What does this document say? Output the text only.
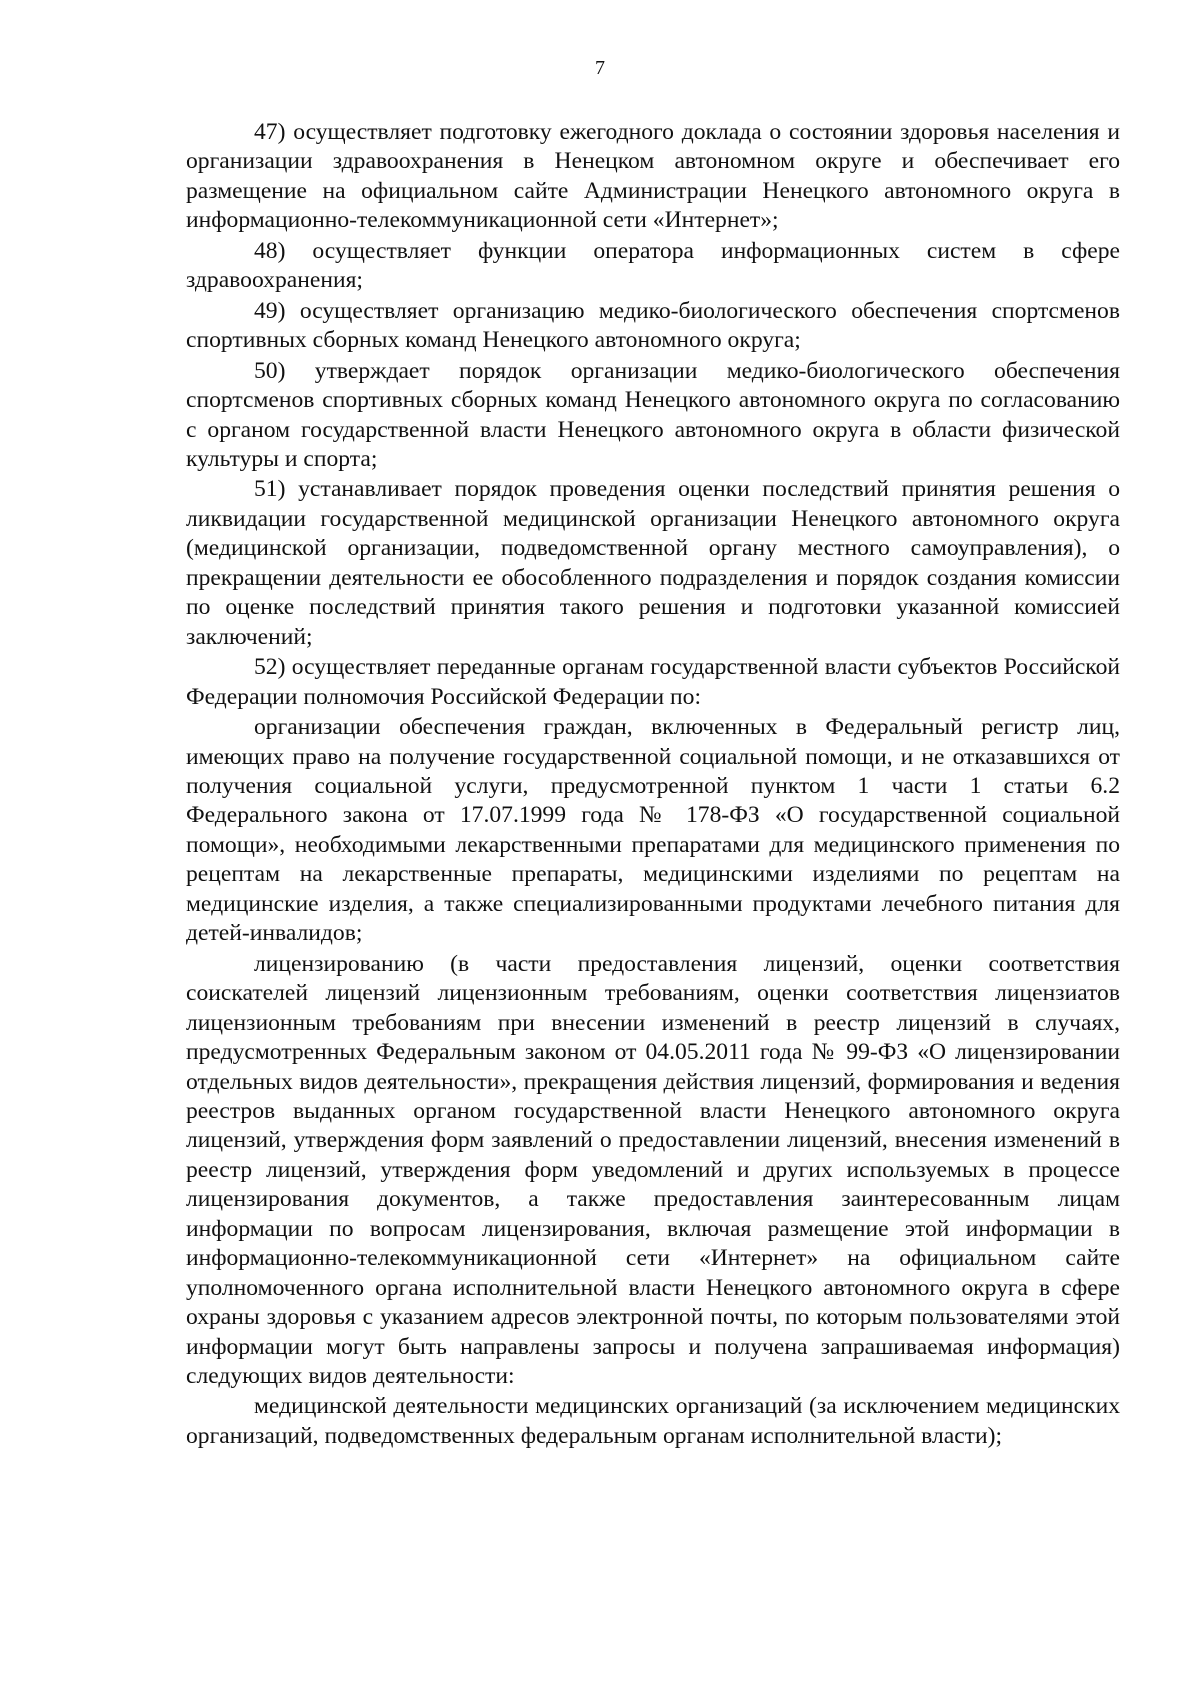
7

47) осуществляет подготовку ежегодного доклада о состоянии здоровья населения и организации здравоохранения в Ненецком автономном округе и обеспечивает его размещение на официальном сайте Администрации Ненецкого автономного округа в информационно-телекоммуникационной сети «Интернет»;

48) осуществляет функции оператора информационных систем в сфере здравоохранения;

49) осуществляет организацию медико-биологического обеспечения спортсменов спортивных сборных команд Ненецкого автономного округа;

50) утверждает порядок организации медико-биологического обеспечения спортсменов спортивных сборных команд Ненецкого автономного округа по согласованию с органом государственной власти Ненецкого автономного округа в области физической культуры и спорта;

51) устанавливает порядок проведения оценки последствий принятия решения о ликвидации государственной медицинской организации Ненецкого автономного округа (медицинской организации, подведомственной органу местного самоуправления), о прекращении деятельности ее обособленного подразделения и порядок создания комиссии по оценке последствий принятия такого решения и подготовки указанной комиссией заключений;

52) осуществляет переданные органам государственной власти субъектов Российской Федерации полномочия Российской Федерации по:

организации обеспечения граждан, включенных в Федеральный регистр лиц, имеющих право на получение государственной социальной помощи, и не отказавшихся от получения социальной услуги, предусмотренной пунктом 1 части 1 статьи 6.2 Федерального закона от 17.07.1999 года № 178-ФЗ «О государственной социальной помощи», необходимыми лекарственными препаратами для медицинского применения по рецептам на лекарственные препараты, медицинскими изделиями по рецептам на медицинские изделия, а также специализированными продуктами лечебного питания для детей-инвалидов;

лицензированию (в части предоставления лицензий, оценки соответствия соискателей лицензий лицензионным требованиям, оценки соответствия лицензиатов лицензионным требованиям при внесении изменений в реестр лицензий в случаях, предусмотренных Федеральным законом от 04.05.2011 года № 99-ФЗ «О лицензировании отдельных видов деятельности», прекращения действия лицензий, формирования и ведения реестров выданных органом государственной власти Ненецкого автономного округа лицензий, утверждения форм заявлений о предоставлении лицензий, внесения изменений в реестр лицензий, утверждения форм уведомлений и других используемых в процессе лицензирования документов, а также предоставления заинтересованным лицам информации по вопросам лицензирования, включая размещение этой информации в информационно-телекоммуникационной сети «Интернет» на официальном сайте уполномоченного органа исполнительной власти Ненецкого автономного округа в сфере охраны здоровья с указанием адресов электронной почты, по которым пользователями этой информации могут быть направлены запросы и получена запрашиваемая информация) следующих видов деятельности:

медицинской деятельности медицинских организаций (за исключением медицинских организаций, подведомственных федеральным органам исполнительной власти);
